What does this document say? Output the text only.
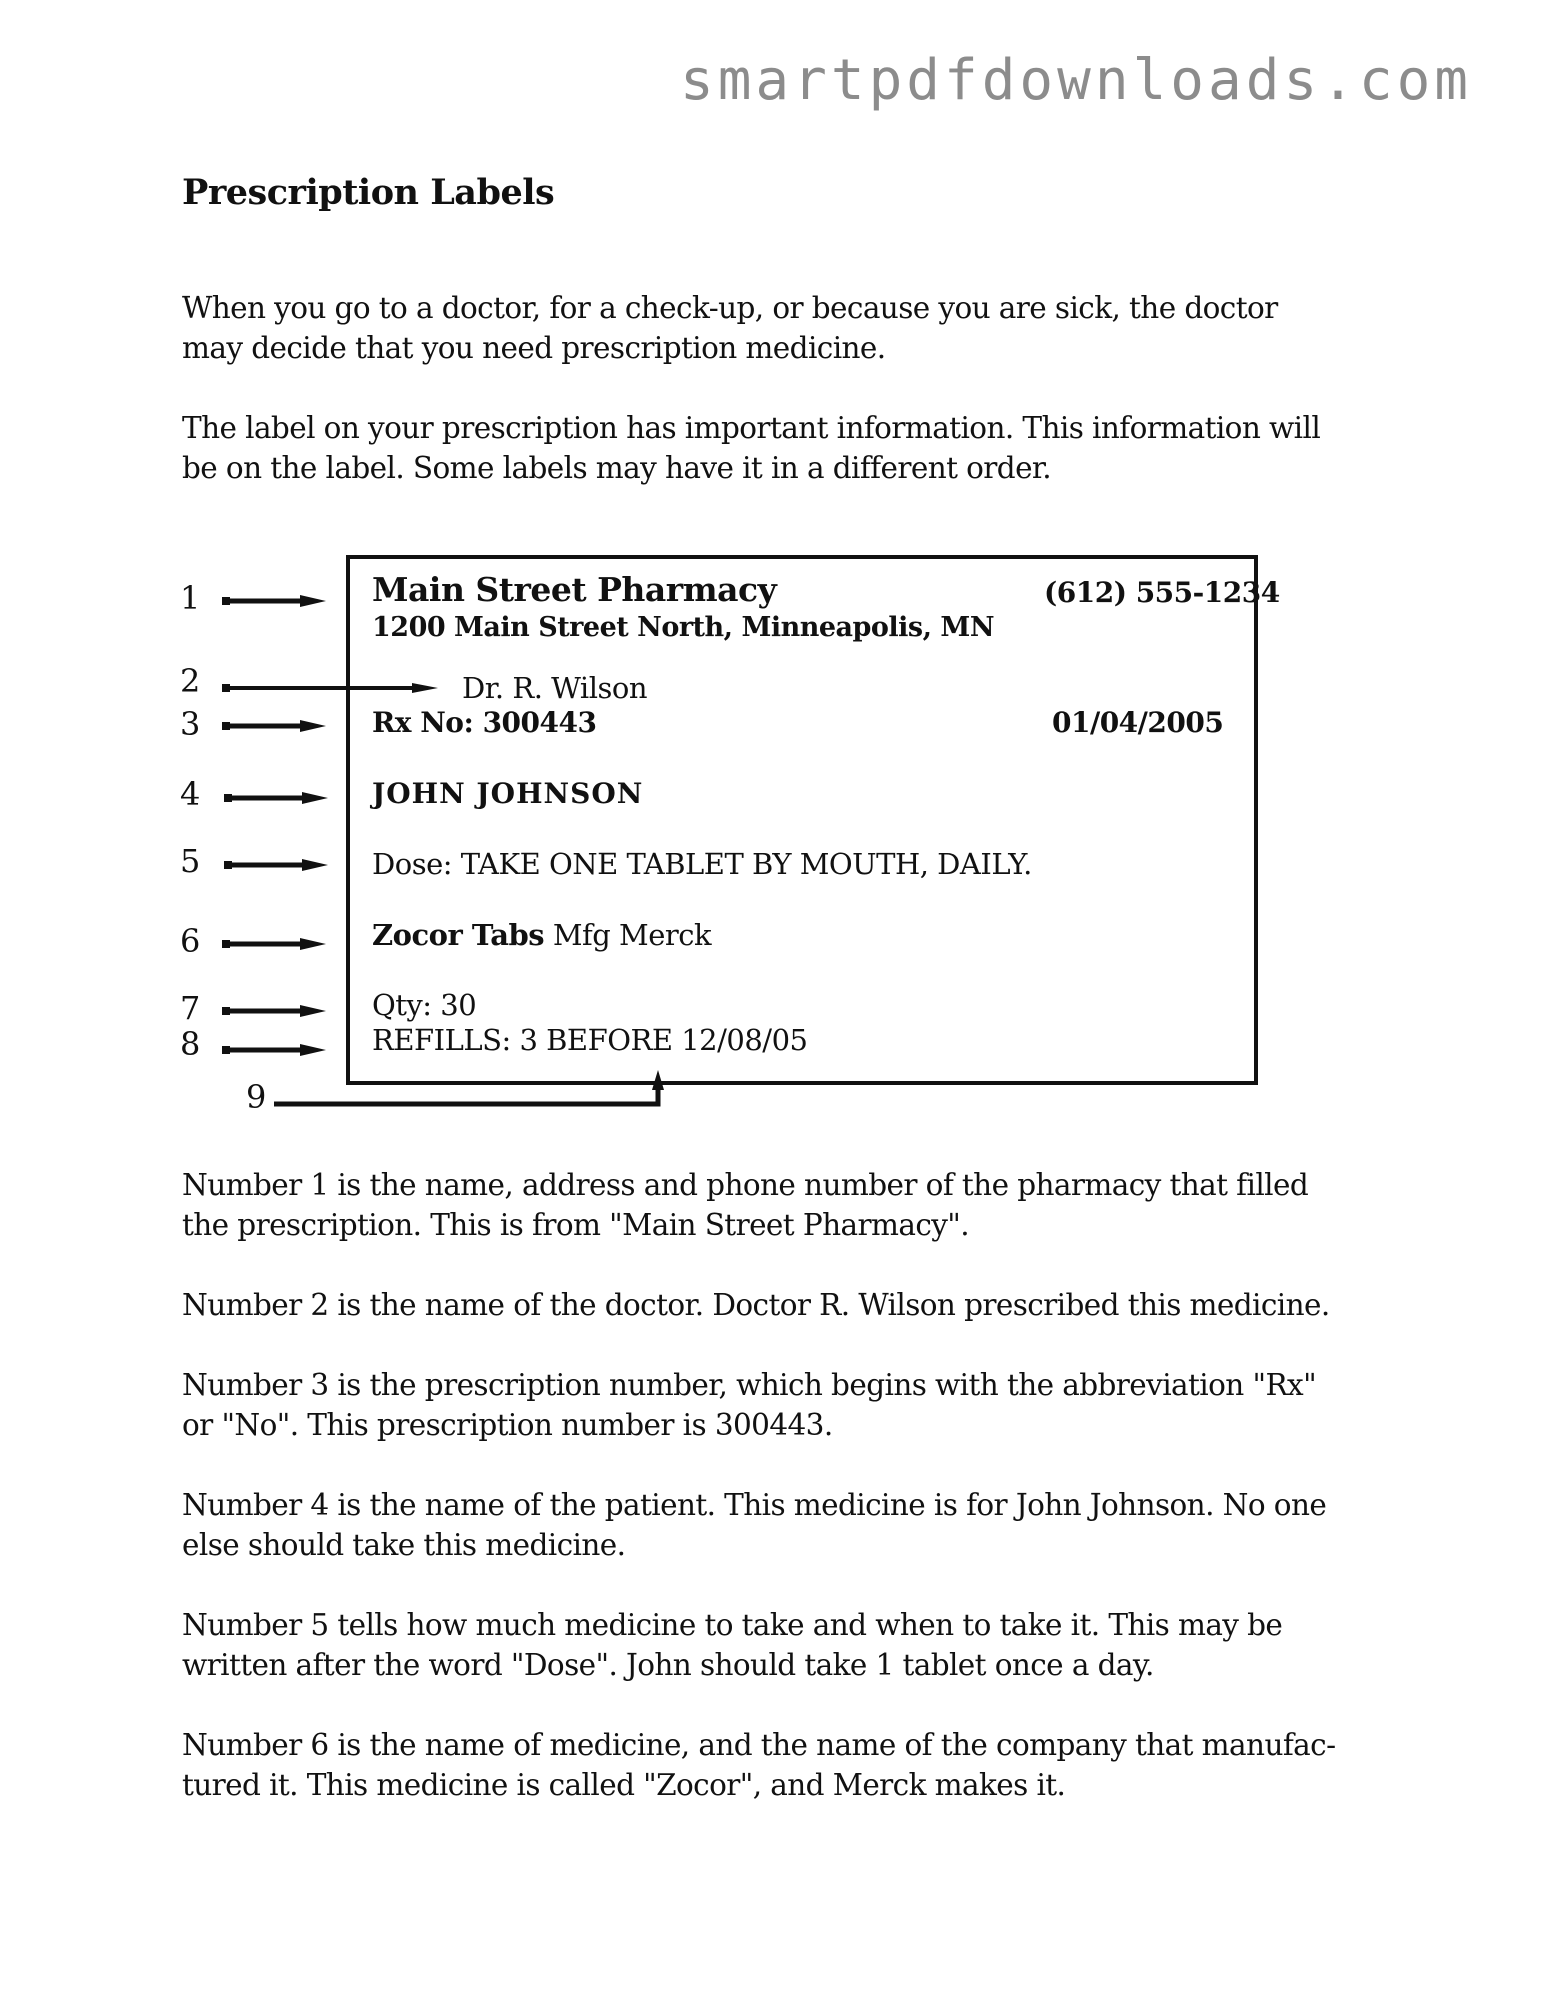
smartpdfdownloads.com
Prescription Labels
When you go to a doctor, for a check-up, or because you are sick, the doctor
may decide that you need prescription medicine.
The label on your prescription has important information. This information will
be on the label. Some labels may have it in a different order.
Main Street Pharmacy	(612) 555-1234
1200 Main Street North, Minneapolis, MN
Dr. R. Wilson
Rx No: 300443	01/04/2005
JOHN JOHNSON
Dose: TAKE ONE TABLET BY MOUTH, DAILY.
Zocor Tabs Mfg Merck
Qty: 30
REFILLS: 3 BEFORE 12/08/05
1
2
3
4
5
6
7
8
9
Number 1 is the name, address and phone number of the pharmacy that filled
the prescription. This is from "Main Street Pharmacy".
Number 2 is the name of the doctor. Doctor R. Wilson prescribed this medicine.
Number 3 is the prescription number, which begins with the abbreviation "Rx"
or "No". This prescription number is 300443.
Number 4 is the name of the patient. This medicine is for John Johnson. No one
else should take this medicine.
Number 5 tells how much medicine to take and when to take it. This may be
written after the word "Dose". John should take 1 tablet once a day.
Number 6 is the name of medicine, and the name of the company that manufac-
tured it. This medicine is called "Zocor", and Merck makes it.
